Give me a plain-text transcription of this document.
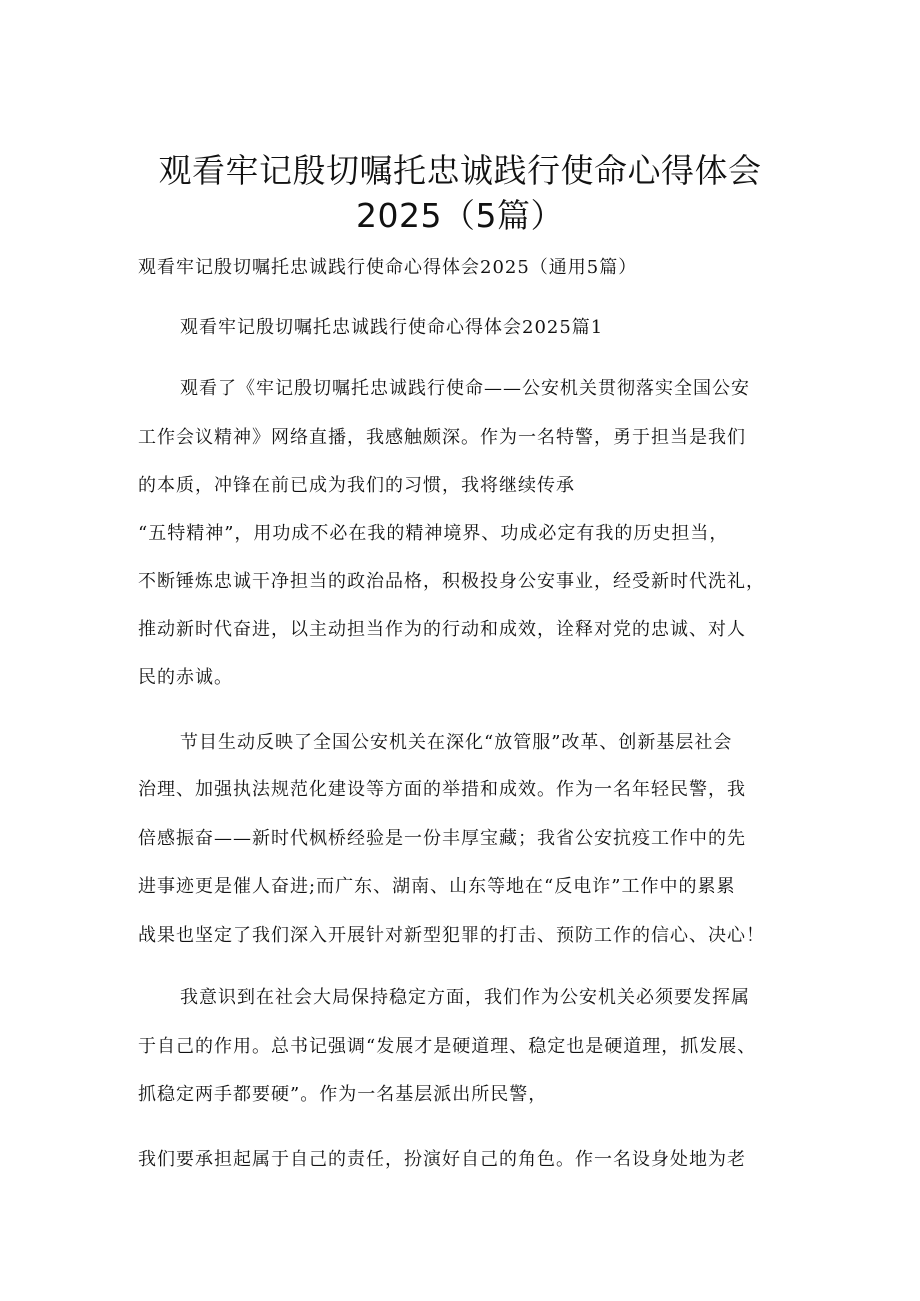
观看牢记殷切嘱托忠诚践行使命心得体会
2025（5篇）
观看牢记殷切嘱托忠诚践行使命心得体会2025（通用5篇）
观看牢记殷切嘱托忠诚践行使命心得体会2025篇1
观看了《牢记殷切嘱托忠诚践行使命——公安机关贯彻落实全国公安
工作会议精神》网络直播，我感触颇深。作为一名特警，勇于担当是我们
的本质，冲锋在前已成为我们的习惯，我将继续传承
“五特精神”，用功成不必在我的精神境界、功成必定有我的历史担当，
不断锤炼忠诚干净担当的政治品格，积极投身公安事业，经受新时代洗礼，
推动新时代奋进，以主动担当作为的行动和成效，诠释对党的忠诚、对人
民的赤诚。
节目生动反映了全国公安机关在深化“放管服”改革、创新基层社会
治理、加强执法规范化建设等方面的举措和成效。作为一名年轻民警，我
倍感振奋——新时代枫桥经验是一份丰厚宝藏；我省公安抗疫工作中的先
进事迹更是催人奋进;而广东、湖南、山东等地在“反电诈”工作中的累累
战果也坚定了我们深入开展针对新型犯罪的打击、预防工作的信心、决心！
我意识到在社会大局保持稳定方面，我们作为公安机关必须要发挥属
于自己的作用。总书记强调“发展才是硬道理、稳定也是硬道理，抓发展、
抓稳定两手都要硬”。作为一名基层派出所民警，
我们要承担起属于自己的责任，扮演好自己的角色。作一名设身处地为老
